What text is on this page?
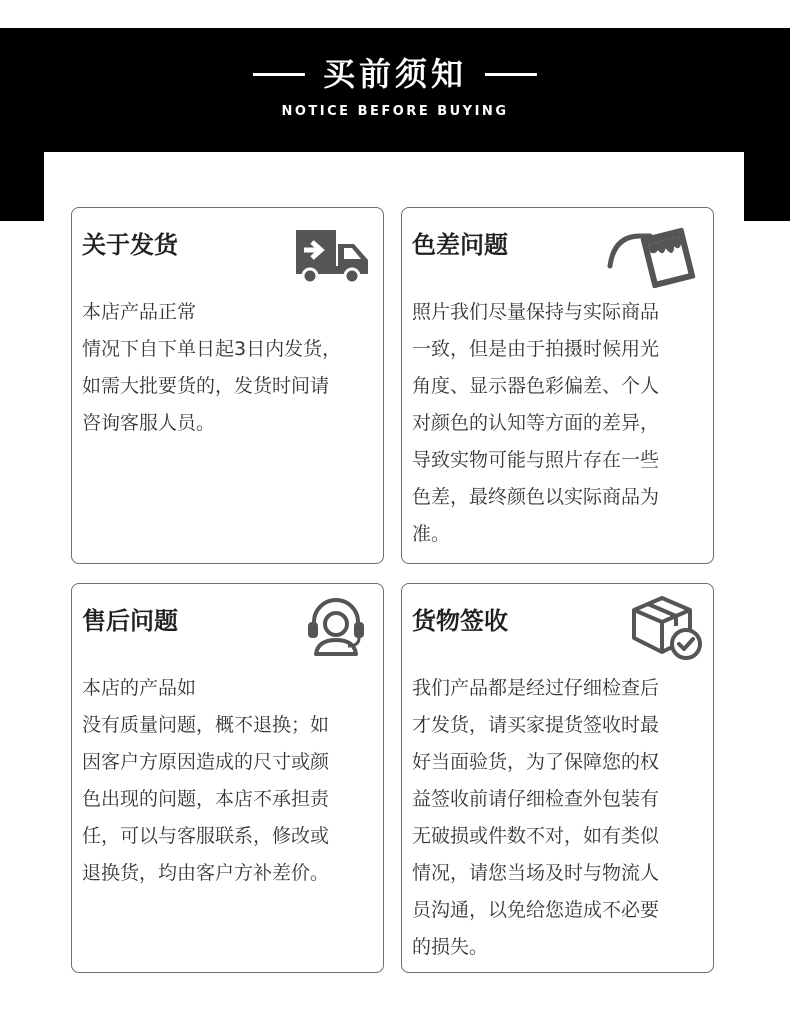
买前须知
NOTICE BEFORE BUYING
关于发货

本店产品正常

情况下自下单日起3日内发货，

如需大批要货的，发货时间请

咨询客服人员。

色差问题

照片我们尽量保持与实际商品

一致，但是由于拍摄时候用光

角度、显示器色彩偏差、个人

对颜色的认知等方面的差异，

导致实物可能与照片存在一些

色差，最终颜色以实际商品为

准。

售后问题

本店的产品如

没有质量问题，概不退换；如

因客户方原因造成的尺寸或颜

色出现的问题，本店不承担责

任，可以与客服联系，修改或

退换货，均由客户方补差价。

货物签收

我们产品都是经过仔细检查后

才发货，请买家提货签收时最

好当面验货，为了保障您的权

益签收前请仔细检查外包装有

无破损或件数不对，如有类似

情况，请您当场及时与物流人

员沟通，以免给您造成不必要

的损失。
